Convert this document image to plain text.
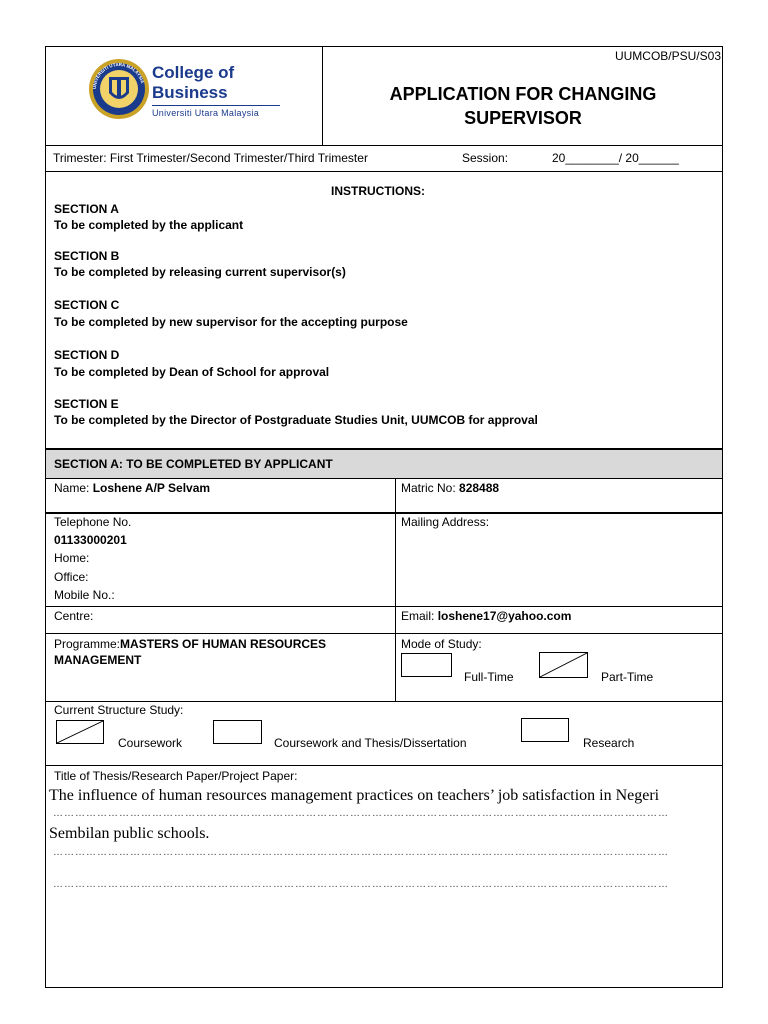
UNIVERSITI UTARA MALAYSIA College of
Business
Universiti Utara Malaysia
UUMCOB/PSU/S03
APPLICATION FOR CHANGING
SUPERVISOR
Trimester: First Trimester/Second Trimester/Third Trimester	Session:	20________/ 20______
INSTRUCTIONS:
SECTION A
To be completed by the applicant
SECTION B
To be completed by releasing current supervisor(s)
SECTION C
To be completed by new supervisor for the accepting purpose
SECTION D
To be completed by Dean of School for approval
SECTION E
To be completed by the Director of Postgraduate Studies Unit, UUMCOB for approval
SECTION A: TO BE COMPLETED BY APPLICANT
Name: Loshene A/P Selvam	Matric No: 828488
Telephone No.
01133000201
Home:
Office:
Mobile No.:
Mailing Address:
Centre:	Email: loshene17@yahoo.com
Programme:MASTERS OF HUMAN RESOURCES
MANAGEMENT
Mode of Study:
Full-Time	Part-Time
Current Structure Study:
Coursework	Coursework and Thesis/Dissertation	Research
Title of Thesis/Research Paper/Project Paper:
The influence of human resources management practices on teachers’ job satisfaction in Negeri
……………………………………………………………………………………………………………………………………………………
Sembilan public schools.
……………………………………………………………………………………………………………………………………………………
……………………………………………………………………………………………………………………………………………………
